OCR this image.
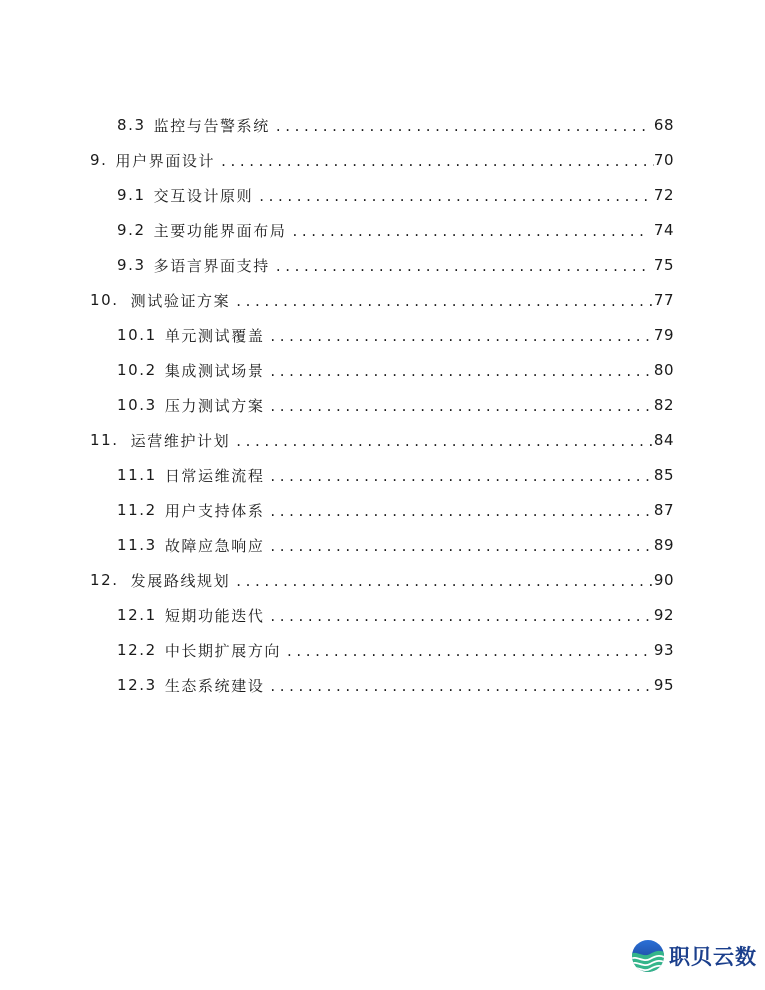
8.3 监控与告警系统 .....	68
9. 用户界面设计 .....	70
9.1 交互设计原则 .....	72
9.2 主要功能界面布局 .....	74
9.3 多语言界面支持 .....	75
10. 测试验证方案 .....	77
10.1 单元测试覆盖 .....	79
10.2 集成测试场景 .....	80
10.3 压力测试方案 .....	82
11. 运营维护计划 .....	84
11.1 日常运维流程 .....	85
11.2 用户支持体系 .....	87
11.3 故障应急响应 .....	89
12. 发展路线规划 .....	90
12.1 短期功能迭代 .....	92
12.2 中长期扩展方向 .....	93
12.3 生态系统建设 .....	95
职贝云数
